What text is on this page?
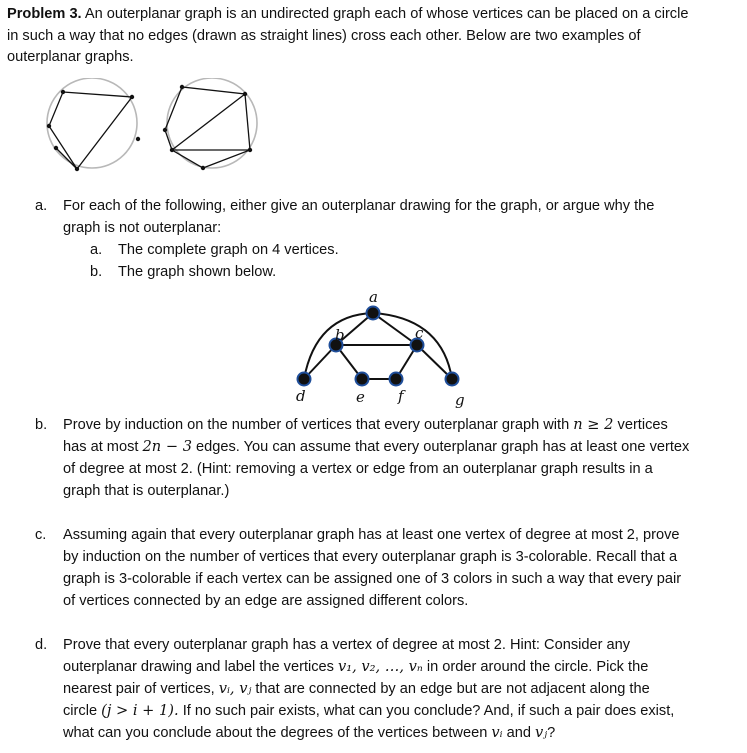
Problem 3. An outerplanar graph is an undirected graph each of whose vertices can be placed on a circle
in such a way that no edges (drawn as straight lines) cross each other. Below are two examples of
outerplanar graphs.
a. For each of the following, either give an outerplanar drawing for the graph, or argue why the
graph is not outerplanar:
a. The complete graph on 4 vertices.
b. The graph shown below.
a
b	c
d	e f	g
b. Prove by induction on the number of vertices that every outerplanar graph with n ≥ 2 vertices
has at most 2n − 3 edges. You can assume that every outerplanar graph has at least one vertex
of degree at most 2. (Hint: removing a vertex or edge from an outerplanar graph results in a
graph that is outerplanar.)
c. Assuming again that every outerplanar graph has at least one vertex of degree at most 2, prove
by induction on the number of vertices that every outerplanar graph is 3-colorable. Recall that a
graph is 3-colorable if each vertex can be assigned one of 3 colors in such a way that every pair
of vertices connected by an edge are assigned different colors.
d. Prove that every outerplanar graph has a vertex of degree at most 2. Hint: Consider any
outerplanar drawing and label the vertices v₁, v₂, …, vₙ in order around the circle. Pick the
nearest pair of vertices, vᵢ, vⱼ that are connected by an edge but are not adjacent along the
circle (j > i + 1). If no such pair exists, what can you conclude? And, if such a pair does exist,
what can you conclude about the degrees of the vertices between vᵢ and vⱼ?
